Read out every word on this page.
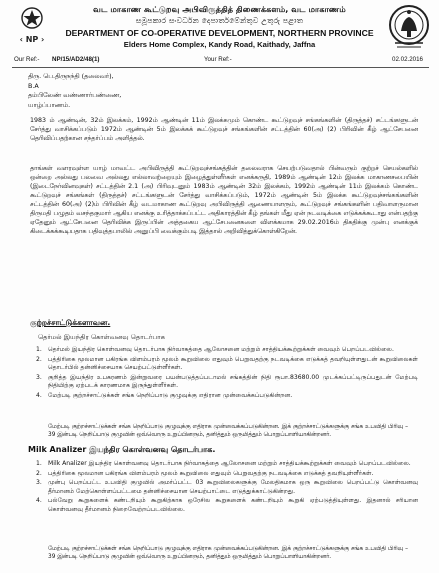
‹ NP ›
வட மாகாண கூட்டுறவு அபிவிருத்தித் திணைக்களம், வட மாகாணம்
සමූපකාර සංවර්ධන දෙපාර්තමේන්තුව උතුරු පළාත
DEPARTMENT OF CO-OPERATIVE DEVELOPMENT, NORTHERN PROVINCE
Elders Home Complex, Kandy Road, Kaithady, Jaffna
Our Ref:- NP/15/AD2/48(1)	Your Ref:-	02.02.2016
திரு. பெ.திருநந்தி (தலைவர்),
B.A
தம்பிலேண் வண்ணார்பண்ணை,
யாழ்ப்பாணம்.
1983 ம் ஆண்டின், 32ம் இலக்கம், 1992ம் ஆண்டின் 11ம் இலக்கமும் கொண்ட கூட்டுறவுச் சங்கங்களின் (திருத்தச்) சட்டங்களுடன் சேர்த்து வாசிக்கப்படும் 1972ம் ஆண்டின் 5ம் இலக்கக் கூட்டுறவுச் சங்கங்களின் சட்டத்தின் 60(அ) (2) பிரிவின் கீழ் ஆட்சேபனை தெரிவிப்பதற்கான சந்தர்ப்பம் அளித்தல்.
தாங்கள் வளரவுள்ள யாழ் மாவட்ட அபிவிருத்தி கூட்டுறவுச்சங்கத்தின் தலைவராக செயற்படுவதால் பின்வரும் குற்றச் செயல்களில் ஒன்றை அல்லது பலவை அல்லது எல்லாவற்றையும் இழைத்துள்ளீர்கள் எனக்கருதி, 1989ம் ஆண்டின் 12ம் இலக்க மாகாணசபையின் (இடைநேர்வினவுகள்) சட்டத்தின் 2.1 (அ) பிரிவுடனும் 1983ம் ஆண்டின் 32ம் இலக்கம், 1992ம் ஆண்டின் 11ம் இலக்கம் கொண்ட கூட்டுறவுச் சங்கங்கள் (திருத்தச்) சட்டங்களுடன் சேர்த்து வாசிக்கப்படும், 1972ம் ஆண்டின் 5ம் இலக்க கூட்டுறவுச்சங்கங்களின் சட்டத்தின் 60(அ) (2)ம் பிரிவின் கீழ் வடமாகாண கூட்டுறவு அபிவிருத்தி ஆணையாளரும், கூட்டுறவுச் சங்கங்களின் பதிவாளருமான திருமதி பழுதம் வசந்தகுமார் ஆகிய எனக்கு உரித்தாக்கப்பட்ட அதிகாரத்தின் கீழ் தங்கள் மீது ஏன் நடவடிக்கை எடுக்கக்கூடாது என்பதற்கு ஏதேனும் ஆட்சேபனை தெரிவிக்க இருப்பின் அத்தகைய ஆட்சேபனைகளை விளக்கமாக 29.02.2016ம் திகதிக்கு முன்பு எனக்குக் கிடைக்கக்கூடியதாக பதிவுத்தபாலில் அனுப்பி வைக்கும்படி இத்தால் அறிவித்துக்கொள்கிறேன்.
குற்றச்சாட்டுக்களாவன.
தெர்மல் இயந்திர கொள்வனவு தொடர்பாக
1. தெர்மல் இயந்திர கொள்வனவு தொடர்பாக நிர்வாகத்தை ஆலோசனை மற்றும் சாத்தியக்கூற்றுக்கள் வைவும் பெறப்படவில்லை.
2. பத்திரிகை மூலமான பகிரங்க விளம்பரம் மூலம் கூறுவிலை எதுவும் பெறுவதற்கு நடவடிக்கை எடுக்கத் தவறியுள்ளதுடன் கூறுவிலைகள் தொடர்பில் தன்னிச்சையாக செயற்பட்டுள்ளீர்கள்.
3. குறித்த இயந்திர உபகரணம் இன்றுவரை பயன்படுத்தப்படாமல் சங்கத்தின் நிதி ரூபா.83680.00 முடக்கப்பட்டிருப்பதுடன் மேற்படி நிதியிற்கு ஏற்படக் காரணமாக இருந்துள்ளீர்கள்.
4. மேற்படி குற்றச்சாட்டுக்கள் சங்க நெறிப்பாடு குழுவுக்கு எதிரான முன்வைக்கப்படுகின்றன.
மேற்படி குற்றச்சாட்டுக்கள் சங்க நெறிப்பாடு குழுவுக்கு எதிராக முன்வைக்கப்படுகின்றன. இக் குற்றச்சாட்டுக்களுக்கு சங்க உபவிதி பிரிவு – 39 இன்படி நெறிப்பாடு குழுவின் ஒவ்வொரு உறுப்பினரும், தனித்தும் ஒருமித்தும் பொறுப்பாளியாகின்றனர்.
Milk Analizer இயந்திர கொள்வனவு தொடர்பாக.
1. Milk Analizer இயந்திர கொள்வனவு தொடர்பாக நிர்வாகத்தை ஆலோசனை மற்றும் சாத்தியக்கூற்றுக்கள் வைவும் பெறப்படவில்லை.
2. பத்திரிகை மூலமான பகிரங்க விளம்பரம் மூலம் கூறுவிலை எதுவும் பெறுவதற்கு நடவடிக்கை எடுக்கத் தவறியுள்ளீர்கள்.
3. முன்பு பெறப்பட்ட உபவிதி குழுவில் அமர்ப்பட்ட 03 கூறுவிலைகளுக்கு மேலதிகமாக ஒரு கூறுவிலை பெறப்பட்டு கொள்வனவு தீர்மானம் மேற்கொள்ளப்பட்டமை தன்னிச்சையான செயற்பாட்டை எடுத்துக்காட்டுகின்றது.
4. பல்வேறு கூறுகளைக் கண்டறியும் கூறுகிற்காக ஒரேசில கூறுகளைக் கண்டறியும் கூறுகி ஏற்படுத்தியுள்ளது. இதனால் சரியான கொள்வனவு தீர்மானம் நிறைவேற்றப்படவில்லை.
மேற்படி குற்றச்சாட்டுக்கள் சங்க நெறிப்பாடு குழுவுக்கு எதிராக முன்வைக்கப்படுகின்றன. இக் குற்றச்சாட்டுக்களுக்கு சங்க உபவிதி பிரிவு – 39 இன்படி நெறிப்பாடு குழுவின் ஒவ்வொரு உறுப்பினரும், தனித்தும் ஒருமித்தும் பொறுப்பாளியாகின்றனர்.
